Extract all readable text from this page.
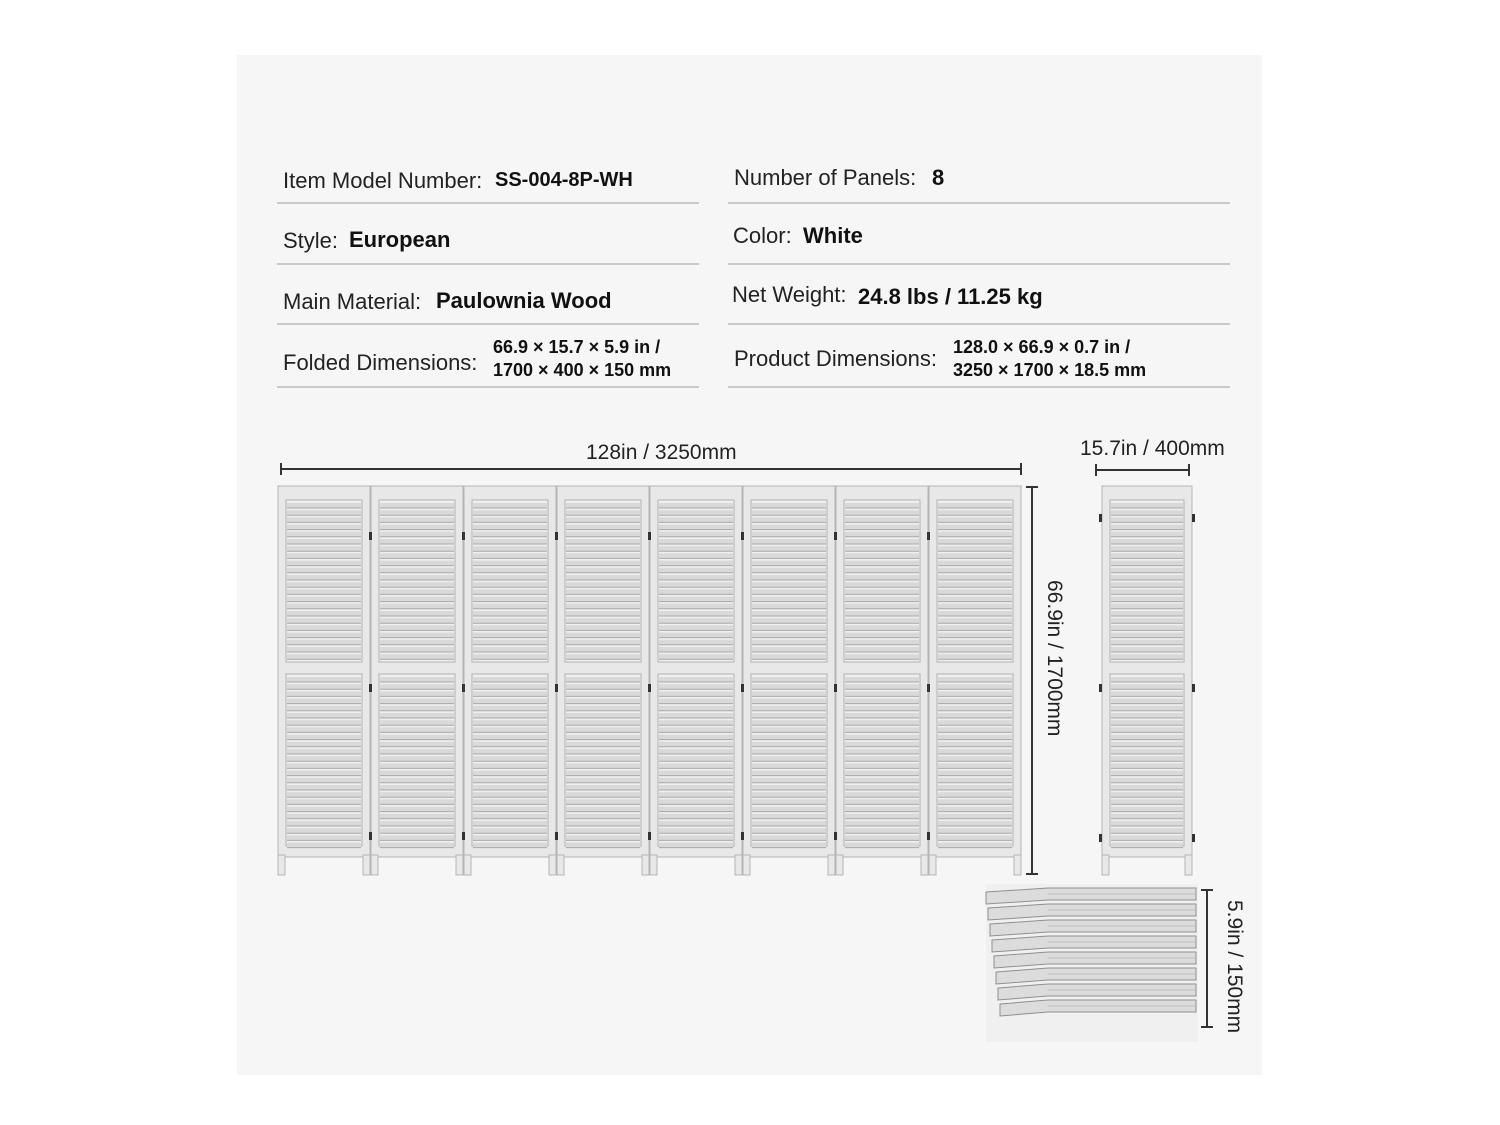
Item Model Number: SS-004-8P-WH
Style: European
Main Material: Paulownia Wood
Folded Dimensions:
66.9 × 15.7 × 5.9 in /
1700 × 400 × 150 mm
Number of Panels: 8
Color: White
Net Weight: 24.8 lbs / 11.25 kg
Product Dimensions: 128.0 × 66.9 × 0.7 in /
3250 × 1700 × 18.5 mm
128in / 3250mm
66.9in / 1700mm
15.7in / 400mm
5.9in / 150mm
